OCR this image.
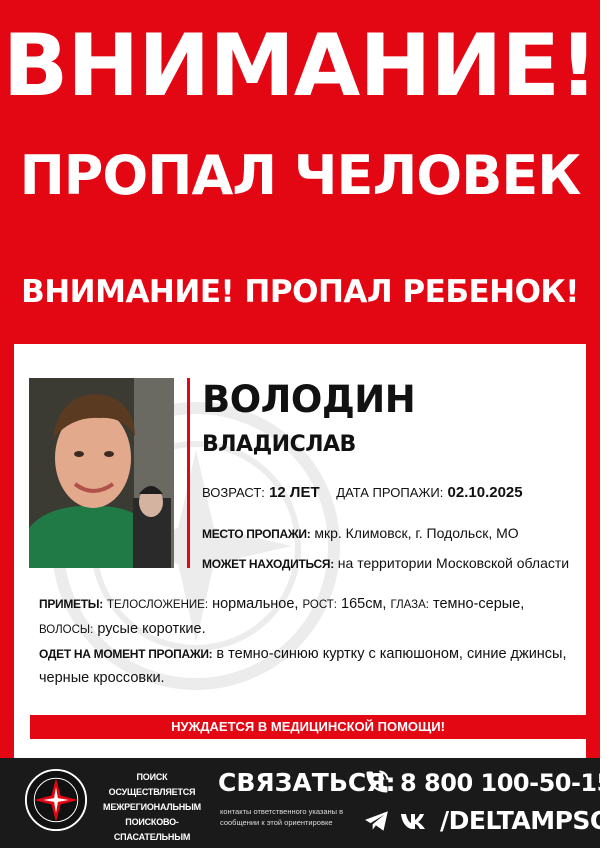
ВНИМАНИЕ!
ПРОПАЛ ЧЕЛОВЕК
ВНИМАНИЕ! ПРОПАЛ РЕБЕНОК!
ВОЛОДИН
ВЛАДИСЛАВ
ВОЗРАСТ: 12 ЛЕТ ДАТА ПРОПАЖИ: 02.10.2025
МЕСТО ПРОПАЖИ: мкр. Климовск, г. Подольск, МО
МОЖЕТ НАХОДИТЬСЯ: на территории Московской области
ПРИМЕТЫ: ТЕЛОСЛОЖЕНИЕ: нормальное, РОСТ: 165см, ГЛАЗА: темно-серые, ВОЛОСЫ: русые короткие.
ОДЕТ НА МОМЕНТ ПРОПАЖИ: в темно-синюю куртку с капюшоном, синие джинсы, черные кроссовки.
НУЖДАЕТСЯ В МЕДИЦИНСКОЙ ПОМОЩИ!
ПОИСК ОСУЩЕСТВЛЯЕТСЯ
МЕЖРЕГИОНАЛЬНЫМ
ПОИСКОВО-СПАСАТЕЛЬНЫМ
ОТРЯДОМ «ДЕЛЬТА»
СВЯЗАТЬСЯ:
контакты ответственного указаны в сообщении к этой ориентировке
8 800 100-50-15
/DELTAMPSO
